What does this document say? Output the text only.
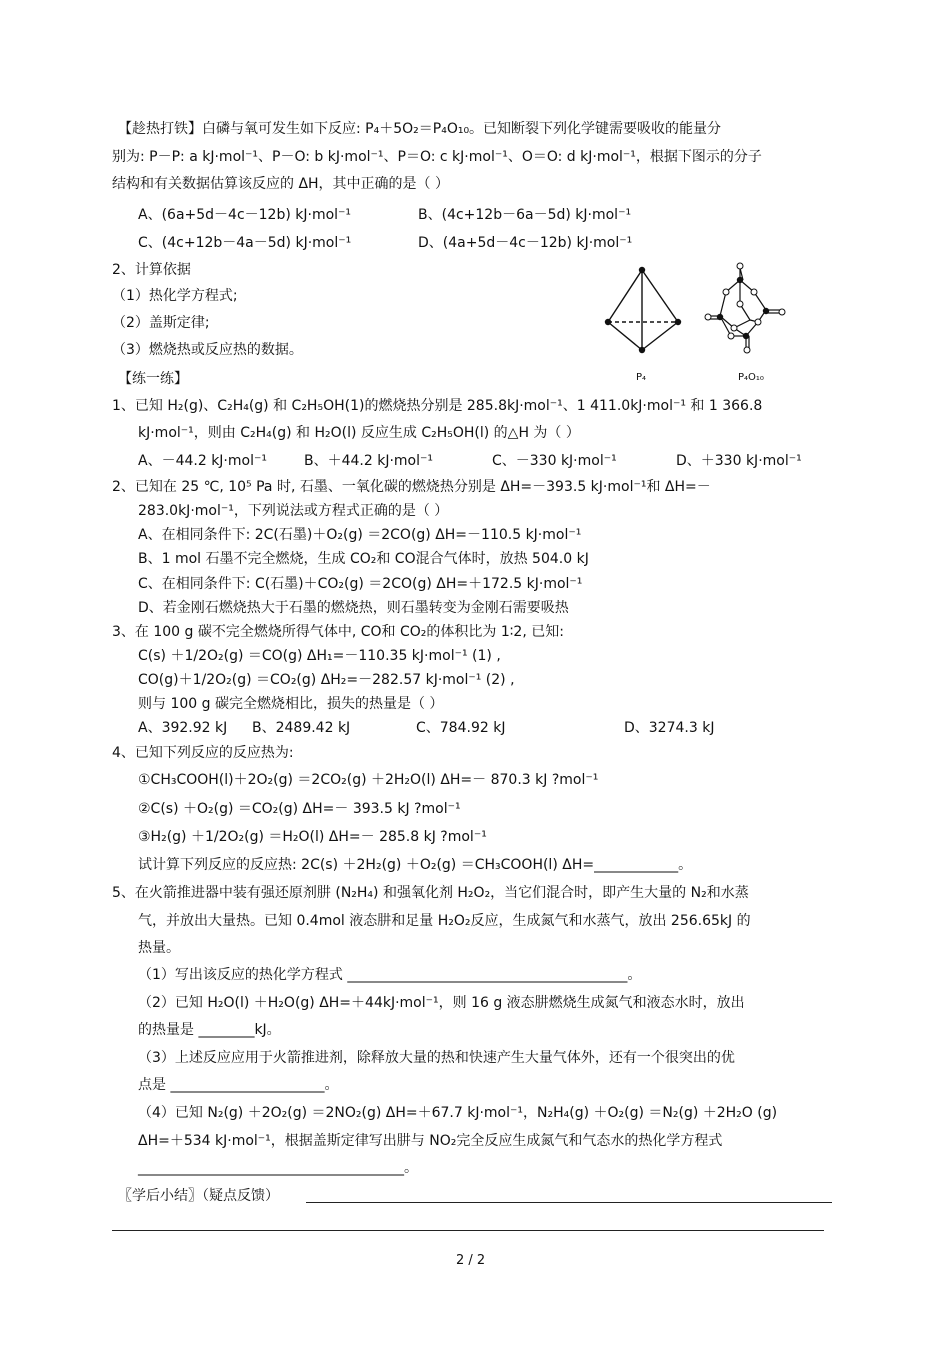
【趁热打铁】白磷与氧可发生如下反应: P₄＋5O₂＝P₄O₁₀。已知断裂下列化学键需要吸收的能量分
别为: P－P: a kJ·mol⁻¹、P－O: b kJ·mol⁻¹、P＝O: c kJ·mol⁻¹、O＝O: d kJ·mol⁻¹，根据下图示的分子
结构和有关数据估算该反应的 ΔH，其中正确的是（ ）
A、(6a+5d－4c－12b) kJ·mol⁻¹	B、(4c+12b－6a－5d) kJ·mol⁻¹
C、(4c+12b－4a－5d) kJ·mol⁻¹	D、(4a+5d－4c－12b) kJ·mol⁻¹
2、计算依据
（1）热化学方程式;
（2）盖斯定律;
（3）燃烧热或反应热的数据。
P₄	P₄O₁₀
【练一练】
1、已知 H₂(g)、C₂H₄(g) 和 C₂H₅OH(1)的燃烧热分别是 285.8kJ·mol⁻¹、1 411.0kJ·mol⁻¹ 和 1 366.8
kJ·mol⁻¹，则由 C₂H₄(g) 和 H₂O(l) 反应生成 C₂H₅OH(l) 的△H 为（ ）
A、－44.2 kJ·mol⁻¹	B、＋44.2 kJ·mol⁻¹	C、－330 kJ·mol⁻¹	D、＋330 kJ·mol⁻¹
2、已知在 25 ℃, 10⁵ Pa 时, 石墨、一氧化碳的燃烧热分别是 ΔH=－393.5 kJ·mol⁻¹和 ΔH=－
283.0kJ·mol⁻¹，下列说法或方程式正确的是（ ）
A、在相同条件下: 2C(石墨)＋O₂(g) ＝2CO(g) ΔH=－110.5 kJ·mol⁻¹
B、1 mol 石墨不完全燃烧，生成 CO₂和 CO混合气体时，放热 504.0 kJ
C、在相同条件下: C(石墨)＋CO₂(g) ＝2CO(g) ΔH=＋172.5 kJ·mol⁻¹
D、若金刚石燃烧热大于石墨的燃烧热，则石墨转变为金刚石需要吸热
3、在 100 g 碳不完全燃烧所得气体中, CO和 CO₂的体积比为 1∶2, 已知:
C(s) ＋1/2O₂(g) ＝CO(g) ΔH₁=－110.35 kJ·mol⁻¹ (1) ,
CO(g)＋1/2O₂(g) ＝CO₂(g) ΔH₂=－282.57 kJ·mol⁻¹ (2) ,
则与 100 g 碳完全燃烧相比，损失的热量是（ ）
A、392.92 kJ B、2489.42 kJ	C、784.92 kJ	D、3274.3 kJ
4、已知下列反应的反应热为:
①CH₃COOH(l)＋2O₂(g) ＝2CO₂(g) ＋2H₂O(l) ΔH=－ 870.3 kJ ?mol⁻¹
②C(s) ＋O₂(g) ＝CO₂(g) ΔH=－ 393.5 kJ ?mol⁻¹
③H₂(g) ＋1/2O₂(g) ＝H₂O(l) ΔH=－ 285.8 kJ ?mol⁻¹
试计算下列反应的反应热: 2C(s) ＋2H₂(g) ＋O₂(g) ＝CH₃COOH(l) ΔH=____________。
5、在火箭推进器中装有强还原剂肼 (N₂H₄) 和强氧化剂 H₂O₂，当它们混合时，即产生大量的 N₂和水蒸
气，并放出大量热。已知 0.4mol 液态肼和足量 H₂O₂反应，生成氮气和水蒸气，放出 256.65kJ 的
热量。
（1）写出该反应的热化学方程式 ________________________________________。
（2）已知 H₂O(l) ＋H₂O(g) ΔH=＋44kJ·mol⁻¹，则 16 g 液态肼燃烧生成氮气和液态水时，放出
的热量是 ________kJ。
（3）上述反应应用于火箭推进剂，除释放大量的热和快速产生大量气体外，还有一个很突出的优
点是 ______________________。
（4）已知 N₂(g) ＋2O₂(g) ＝2NO₂(g) ΔH=＋67.7 kJ·mol⁻¹，N₂H₄(g) ＋O₂(g) ＝N₂(g) ＋2H₂O (g)
ΔH=＋534 kJ·mol⁻¹，根据盖斯定律写出肼与 NO₂完全反应生成氮气和气态水的热化学方程式
______________________________________。
〖学后小结〗（疑点反馈）
2 / 2
